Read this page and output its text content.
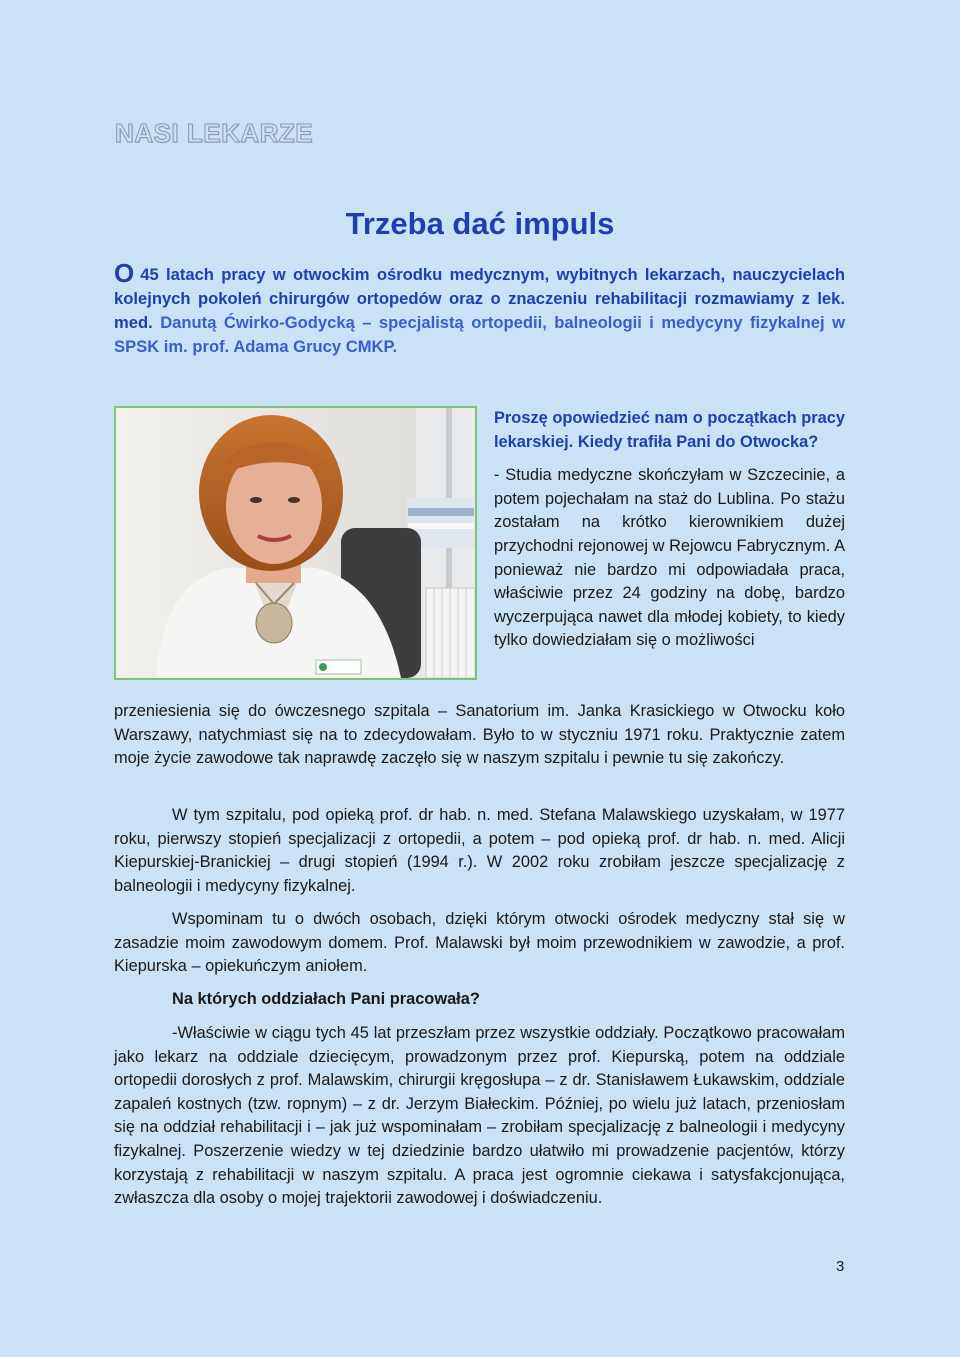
NASI LEKARZE
Trzeba dać impuls
O 45 latach pracy w otwockim ośrodku medycznym, wybitnych lekarzach, nauczycielach kolejnych pokoleń chirurgów ortopedów oraz o znaczeniu rehabilitacji rozmawiamy z lek. med. Danutą Ćwirko-Godycką – specjalistą ortopedii, balneologii i medycyny fizykalnej w SPSK im. prof. Adama Grucy CMKP.
Proszę opowiedzieć nam o początkach pracy lekarskiej. Kiedy trafiła Pani do Otwocka?
- Studia medyczne skończyłam w Szczecinie, a potem pojechałam na staż do Lublina. Po stażu zostałam na krótko kierownikiem dużej przychodni rejonowej w Rejowcu Fabrycznym. A ponieważ nie bardzo mi odpowiadała praca, właściwie przez 24 godziny na dobę, bardzo wyczerpująca nawet dla młodej kobiety, to kiedy tylko dowiedziałam się o możliwości
przeniesienia się do ówczesnego szpitala – Sanatorium im. Janka Krasickiego w Otwocku koło Warszawy, natychmiast się na to zdecydowałam. Było to w styczniu 1971 roku. Praktycznie zatem moje życie zawodowe tak naprawdę zaczęło się w naszym szpitalu i pewnie tu się zakończy.
W tym szpitalu, pod opieką prof. dr hab. n. med. Stefana Malawskiego uzyskałam, w 1977 roku, pierwszy stopień specjalizacji z ortopedii, a potem – pod opieką prof. dr hab. n. med. Alicji Kiepurskiej-Branickiej – drugi stopień (1994 r.). W 2002 roku zrobiłam jeszcze specjalizację z balneologii i medycyny fizykalnej.
Wspominam tu o dwóch osobach, dzięki którym otwocki ośrodek medyczny stał się w zasadzie moim zawodowym domem. Prof. Malawski był moim przewodnikiem w zawodzie, a prof. Kiepurska – opiekuńczym aniołem.
Na których oddziałach Pani pracowała?
-Właściwie w ciągu tych 45 lat przeszłam przez wszystkie oddziały. Początkowo pracowałam jako lekarz na oddziale dziecięcym, prowadzonym przez prof. Kiepurską, potem na oddziale ortopedii dorosłych z prof. Malawskim, chirurgii kręgosłupa – z dr. Stanisławem Łukawskim, oddziale zapaleń kostnych (tzw. ropnym) – z dr. Jerzym Białeckim. Później, po wielu już latach, przeniosłam się na oddział rehabilitacji i – jak już wspominałam – zrobiłam specjalizację z balneologii i medycyny fizykalnej. Poszerzenie wiedzy w tej dziedzinie bardzo ułatwiło mi prowadzenie pacjentów, którzy korzystają z rehabilitacji w naszym szpitalu. A praca jest ogromnie ciekawa i satysfakcjonująca, zwłaszcza dla osoby o mojej trajektorii zawodowej i doświadczeniu.
3
